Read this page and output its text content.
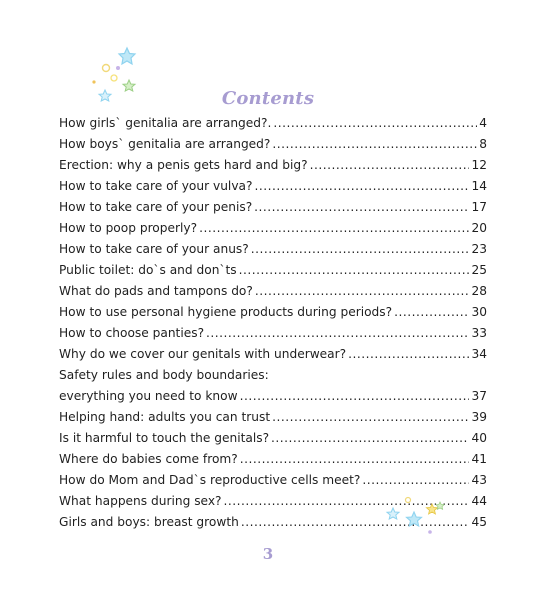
Contents
How girls` genitalia are arranged?. .....	4
How boys` genitalia are arranged? .....	8
Erection: why a penis gets hard and big? .....	12
How to take care of your vulva? .....	14
How to take care of your penis? .....	17
How to poop properly? .....	20
How to take care of your anus? .....	23
Public toilet: do`s and don`ts .....	25
What do pads and tampons do? .....	28
How to use personal hygiene products during periods? .....	30
How to choose panties? .....	33
Why do we cover our genitals with underwear? .....	34
Safety rules and body boundaries:
everything you need to know .....	37
Helping hand: adults you can trust .....	39
Is it harmful to touch the genitals? .....	40
Where do babies come from? .....	41
How do Mom and Dad`s reproductive cells meet? .....	43
What happens during sex? .....	44
Girls and boys: breast growth .....	45
3
